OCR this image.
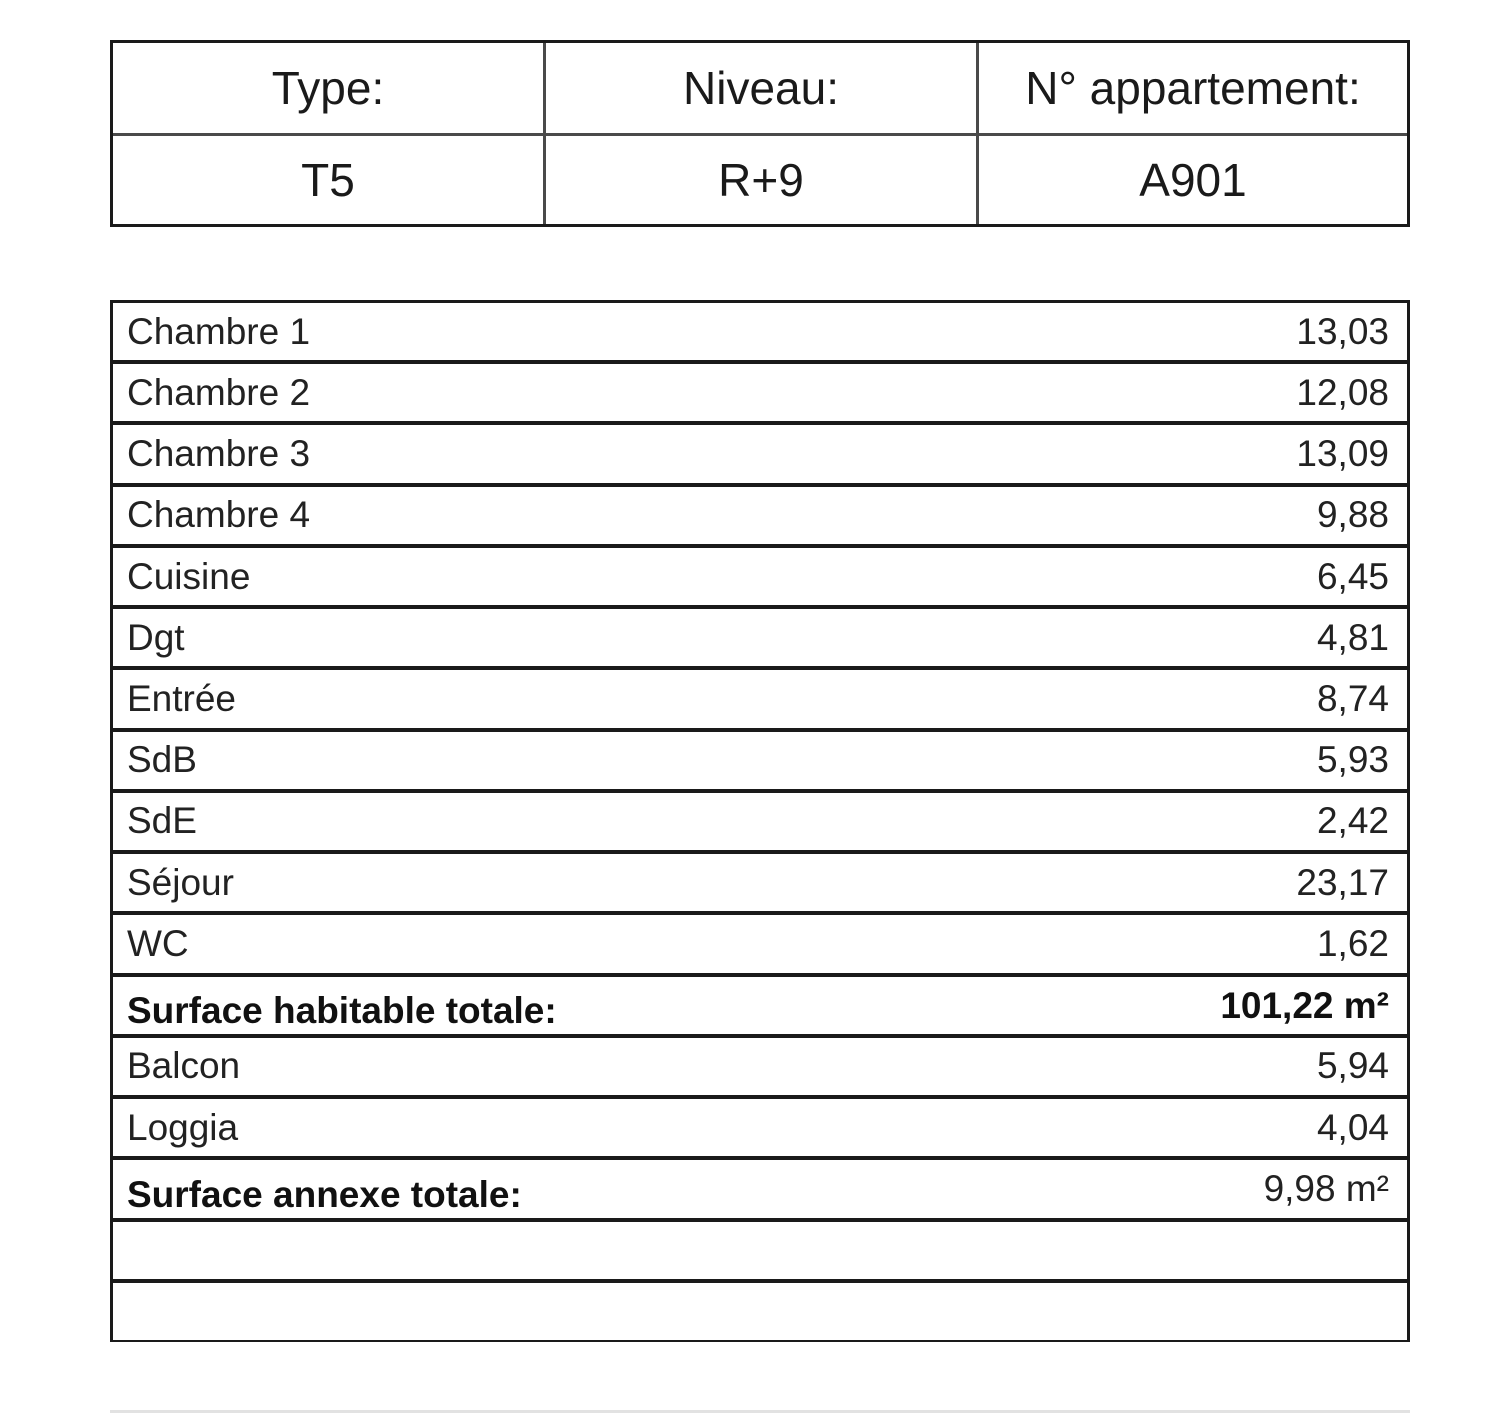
Type:	Niveau:	N° appartement:
T5	R+9	A901
Chambre 1	13,03
Chambre 2	12,08
Chambre 3	13,09
Chambre 4	9,88
Cuisine	6,45
Dgt	4,81
Entrée	8,74
SdB	5,93
SdE	2,42
Séjour	23,17
WC	1,62
Surface habitable totale:	101,22 m²
Balcon	5,94
Loggia	4,04
Surface annexe totale:	9,98 m²
